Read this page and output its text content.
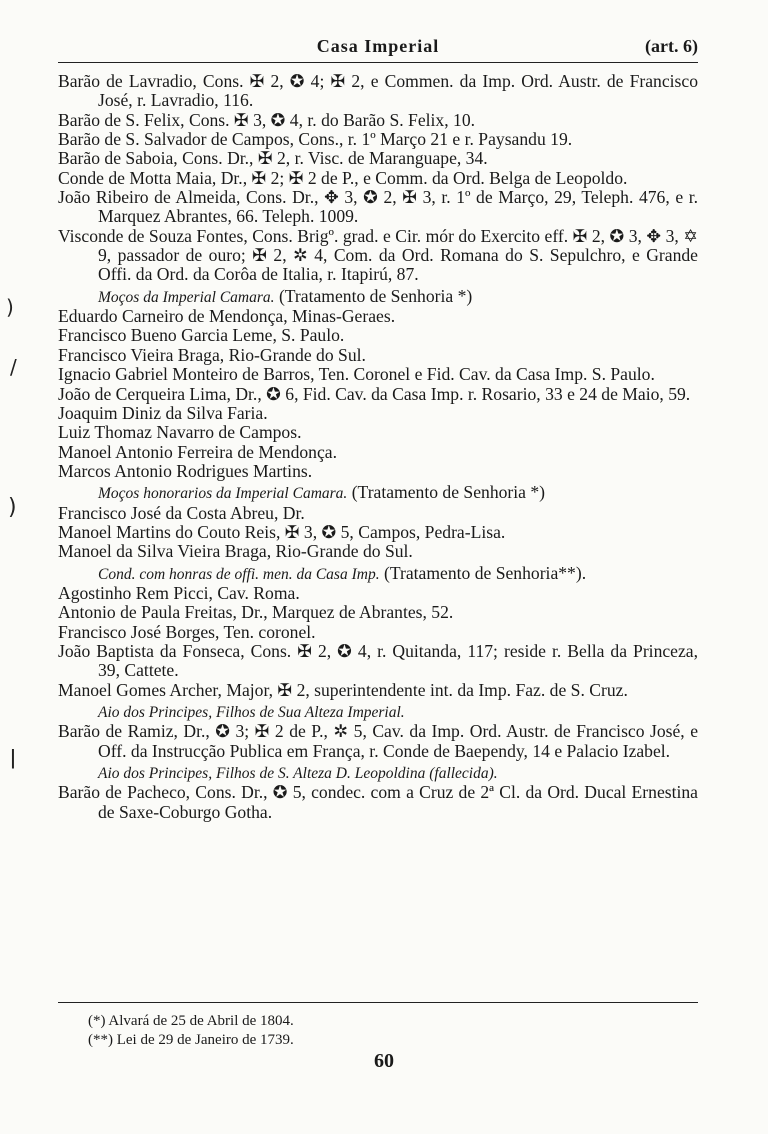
Casa Imperial	(art. 6)
)
/
)
ǀ
Barão de Lavradio, Cons. ✠ 2, ✪ 4; ✠ 2, e Commen. da Imp. Ord. Austr. de Francisco José, r. Lavradio, 116.
Barão de S. Felix, Cons. ✠ 3, ✪ 4, r. do Barão S. Felix, 10.
Barão de S. Salvador de Campos, Cons., r. 1º Março 21 e r. Paysandu 19.
Barão de Saboia, Cons. Dr., ✠ 2, r. Visc. de Maranguape, 34.
Conde de Motta Maia, Dr., ✠ 2; ✠ 2 de P., e Comm. da Ord. Belga de Leopoldo.
João Ribeiro de Almeida, Cons. Dr., ✥ 3, ✪ 2, ✠ 3, r. 1º de Março, 29, Teleph. 476, e r. Marquez Abrantes, 66. Teleph. 1009.
Visconde de Souza Fontes, Cons. Brigº. grad. e Cir. mór do Exercito eff. ✠ 2, ✪ 3, ✥ 3, ✡ 9, passador de ouro; ✠ 2, ✲ 4, Com. da Ord. Romana do S. Sepulchro, e Grande Offi. da Ord. da Corôa de Italia, r. Itapirú, 87.
Moços da Imperial Camara. (Tratamento de Senhoria *)
Eduardo Carneiro de Mendonça, Minas-Geraes.
Francisco Bueno Garcia Leme, S. Paulo.
Francisco Vieira Braga, Rio-Grande do Sul.
Ignacio Gabriel Monteiro de Barros, Ten. Coronel e Fid. Cav. da Casa Imp. S. Paulo.
João de Cerqueira Lima, Dr., ✪ 6, Fid. Cav. da Casa Imp. r. Rosario, 33 e 24 de Maio, 59.
Joaquim Diniz da Silva Faria.
Luiz Thomaz Navarro de Campos.
Manoel Antonio Ferreira de Mendonça.
Marcos Antonio Rodrigues Martins.
Moços honorarios da Imperial Camara. (Tratamento de Senhoria *)
Francisco José da Costa Abreu, Dr.
Manoel Martins do Couto Reis, ✠ 3, ✪ 5, Campos, Pedra-Lisa.
Manoel da Silva Vieira Braga, Rio-Grande do Sul.
Cond. com honras de offi. men. da Casa Imp. (Tratamento de Senhoria**).
Agostinho Rem Picci, Cav. Roma.
Antonio de Paula Freitas, Dr., Marquez de Abrantes, 52.
Francisco José Borges, Ten. coronel.
João Baptista da Fonseca, Cons. ✠ 2, ✪ 4, r. Quitanda, 117; reside r. Bella da Princeza, 39, Cattete.
Manoel Gomes Archer, Major, ✠ 2, superintendente int. da Imp. Faz. de S. Cruz.
Aio dos Principes, Filhos de Sua Alteza Imperial.
Barão de Ramiz, Dr., ✪ 3; ✠ 2 de P., ✲ 5, Cav. da Imp. Ord. Austr. de Francisco José, e Off. da Instrucção Publica em França, r. Conde de Baependy, 14 e Palacio Izabel.
Aio dos Principes, Filhos de S. Alteza D. Leopoldina (fallecida).
Barão de Pacheco, Cons. Dr., ✪ 5, condec. com a Cruz de 2ª Cl. da Ord. Ducal Ernestina de Saxe-Coburgo Gotha.
(*) Alvará de 25 de Abril de 1804.
(**) Lei de 29 de Janeiro de 1739.
60
